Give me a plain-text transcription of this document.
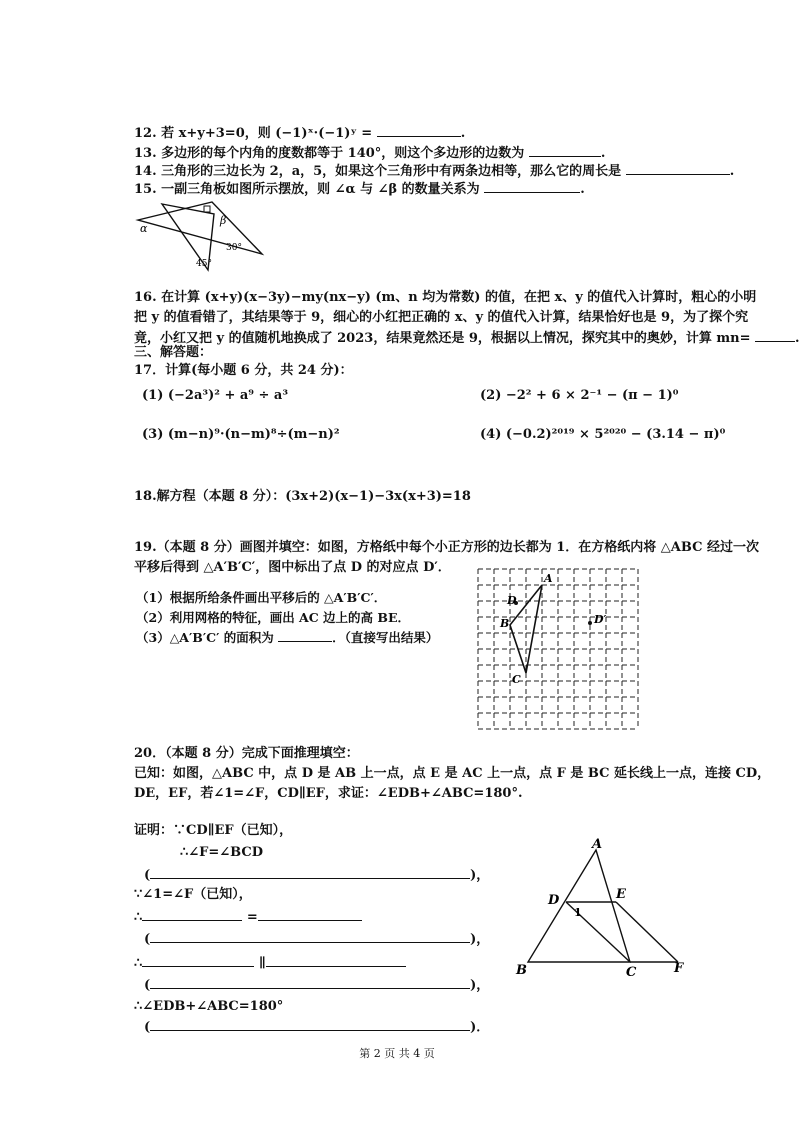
12. 若 x+y+3=0，则 (−1)ˣ·(−1)ʸ =	.
13. 多边形的每个内角的度数都等于 140°，则这个多边形的边数为	.
14. 三角形的三边长为 2，a，5，如果这个三角形中有两条边相等，那么它的周长是	.
15. 一副三角板如图所示摆放，则 ∠α 与 ∠β 的数量关系为	.
α
β
30°
45°
16. 在计算 (x+y)(x−3y)−my(nx−y) (m、n 均为常数) 的值，在把 x、y 的值代入计算时，粗心的小明
把 y 的值看错了，其结果等于 9，细心的小红把正确的 x、y 的值代入计算，结果恰好也是 9，为了探个究
竟，小红又把 y 的值随机地换成了 2023，结果竟然还是 9，根据以上情况，探究其中的奥妙，计算 mn=	.
三、解答题：
17．计算(每小题 6 分，共 24 分)：
(1) (−2a³)² + a⁹ ÷ a³	(2) −2² + 6 × 2⁻¹ − (π − 1)⁰
(3) (m−n)⁹·(n−m)⁸÷(m−n)²	(4) (−0.2)²⁰¹⁹ × 5²⁰²⁰ − (3.14 − π)⁰
18.解方程（本题 8 分）：(3x+2)(x−1)−3x(x+3)=18
19.（本题 8 分）画图并填空：如图，方格纸中每个小正方形的边长都为 1．在方格纸内将 △ABC 经过一次
平移后得到 △A′B′C′，图中标出了点 D 的对应点 D′．
（1）根据所给条件画出平移后的 △A′B′C′．
（2）利用网格的特征，画出 AC 边上的高 BE．
（3）△A′B′C′ 的面积为	．（直接写出结果）
A
B
C
D
D′
20．（本题 8 分）完成下面推理填空：
已知：如图，△ABC 中，点 D 是 AB 上一点，点 E 是 AC 上一点，点 F 是 BC 延长线上一点，连接 CD，
DE，EF，若∠1=∠F，CD∥EF，求证：∠EDB+∠ABC=180°.
证明：∵CD∥EF（已知），
∴∠F=∠BCD
(	)，
∵∠1=∠F（已知），
∴	=
(	)，
∴	∥
(	)，
∴∠EDB+∠ABC=180°
(	)．
A
B	C
D	E
F
1
第 2 页 共 4 页
